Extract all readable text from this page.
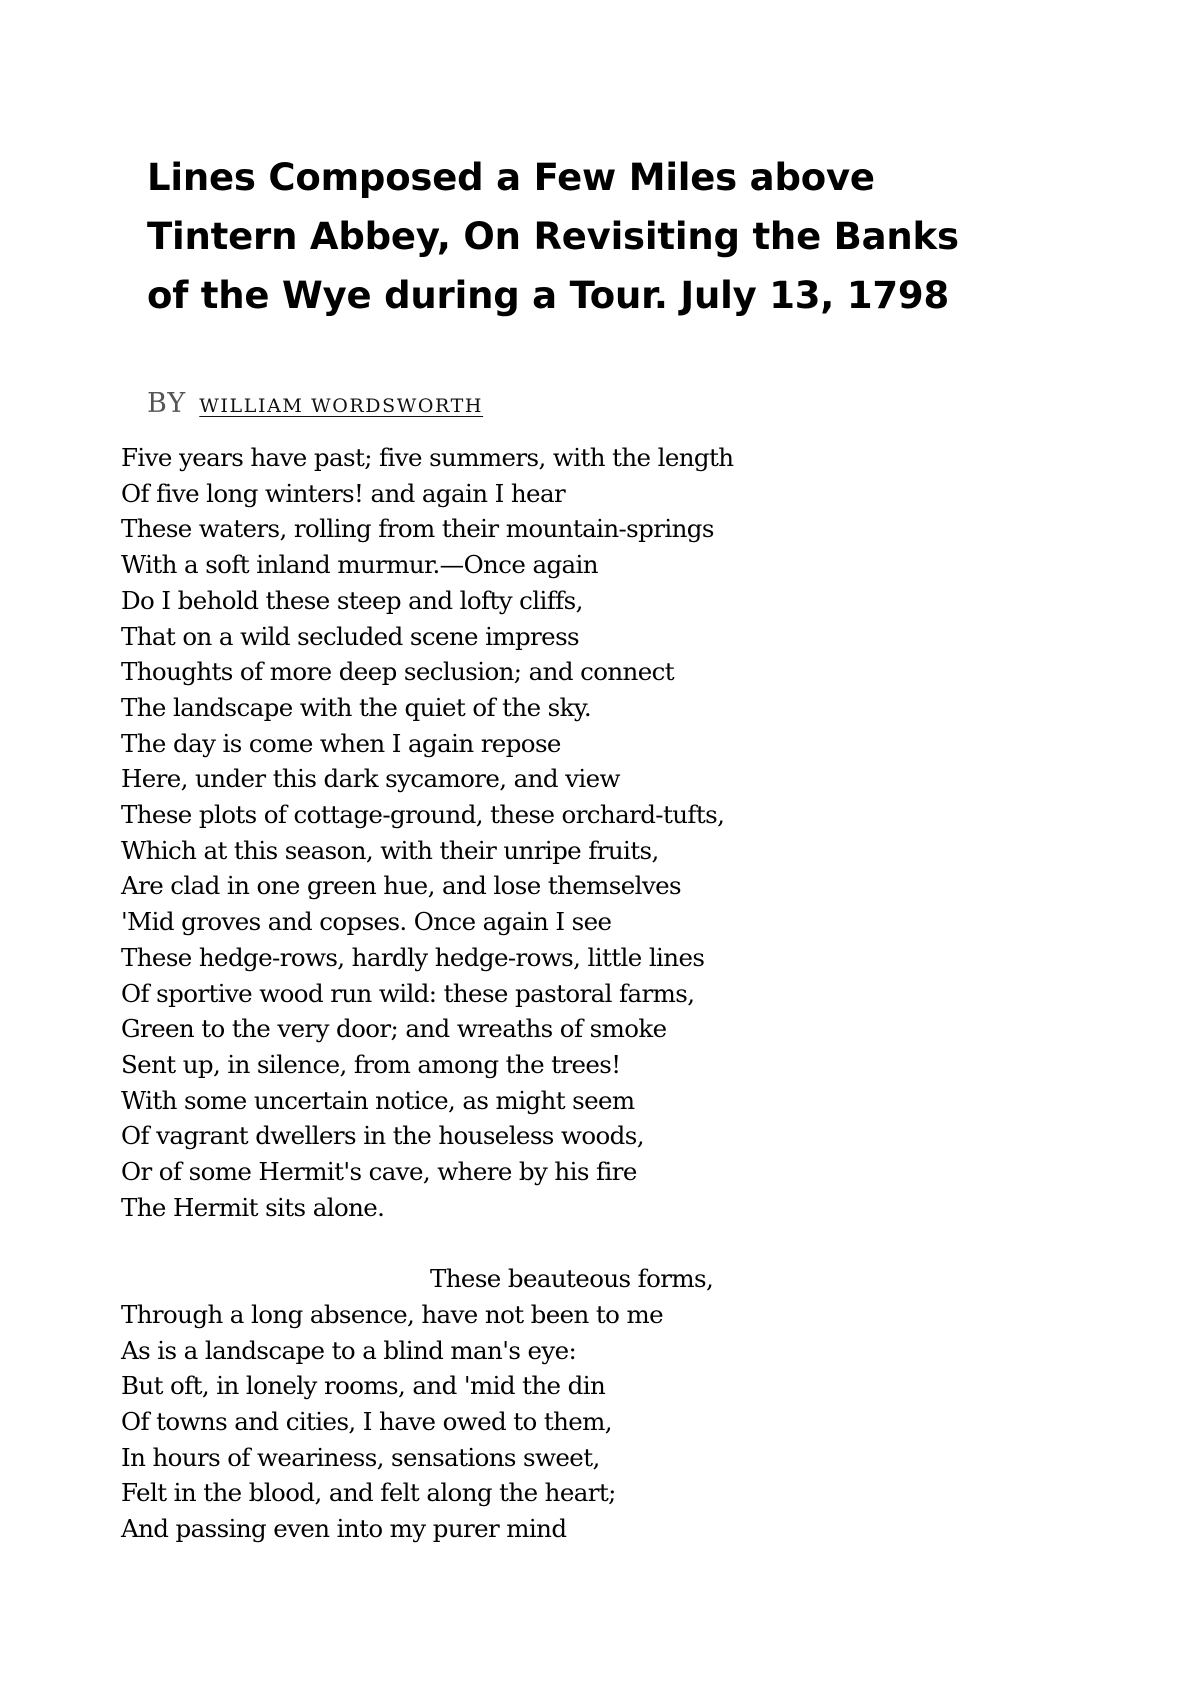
Lines Composed a Few Miles above
Tintern Abbey, On Revisiting the Banks
of the Wye during a Tour. July 13, 1798
BY WILLIAM WORDSWORTH
Five years have past; five summers, with the length
Of five long winters! and again I hear
These waters, rolling from their mountain-springs
With a soft inland murmur.—Once again
Do I behold these steep and lofty cliffs,
That on a wild secluded scene impress
Thoughts of more deep seclusion; and connect
The landscape with the quiet of the sky.
The day is come when I again repose
Here, under this dark sycamore, and view
These plots of cottage-ground, these orchard-tufts,
Which at this season, with their unripe fruits,
Are clad in one green hue, and lose themselves
'Mid groves and copses. Once again I see
These hedge-rows, hardly hedge-rows, little lines
Of sportive wood run wild: these pastoral farms,
Green to the very door; and wreaths of smoke
Sent up, in silence, from among the trees!
With some uncertain notice, as might seem
Of vagrant dwellers in the houseless woods,
Or of some Hermit's cave, where by his fire
The Hermit sits alone.
These beauteous forms,
Through a long absence, have not been to me
As is a landscape to a blind man's eye:
But oft, in lonely rooms, and 'mid the din
Of towns and cities, I have owed to them,
In hours of weariness, sensations sweet,
Felt in the blood, and felt along the heart;
And passing even into my purer mind
